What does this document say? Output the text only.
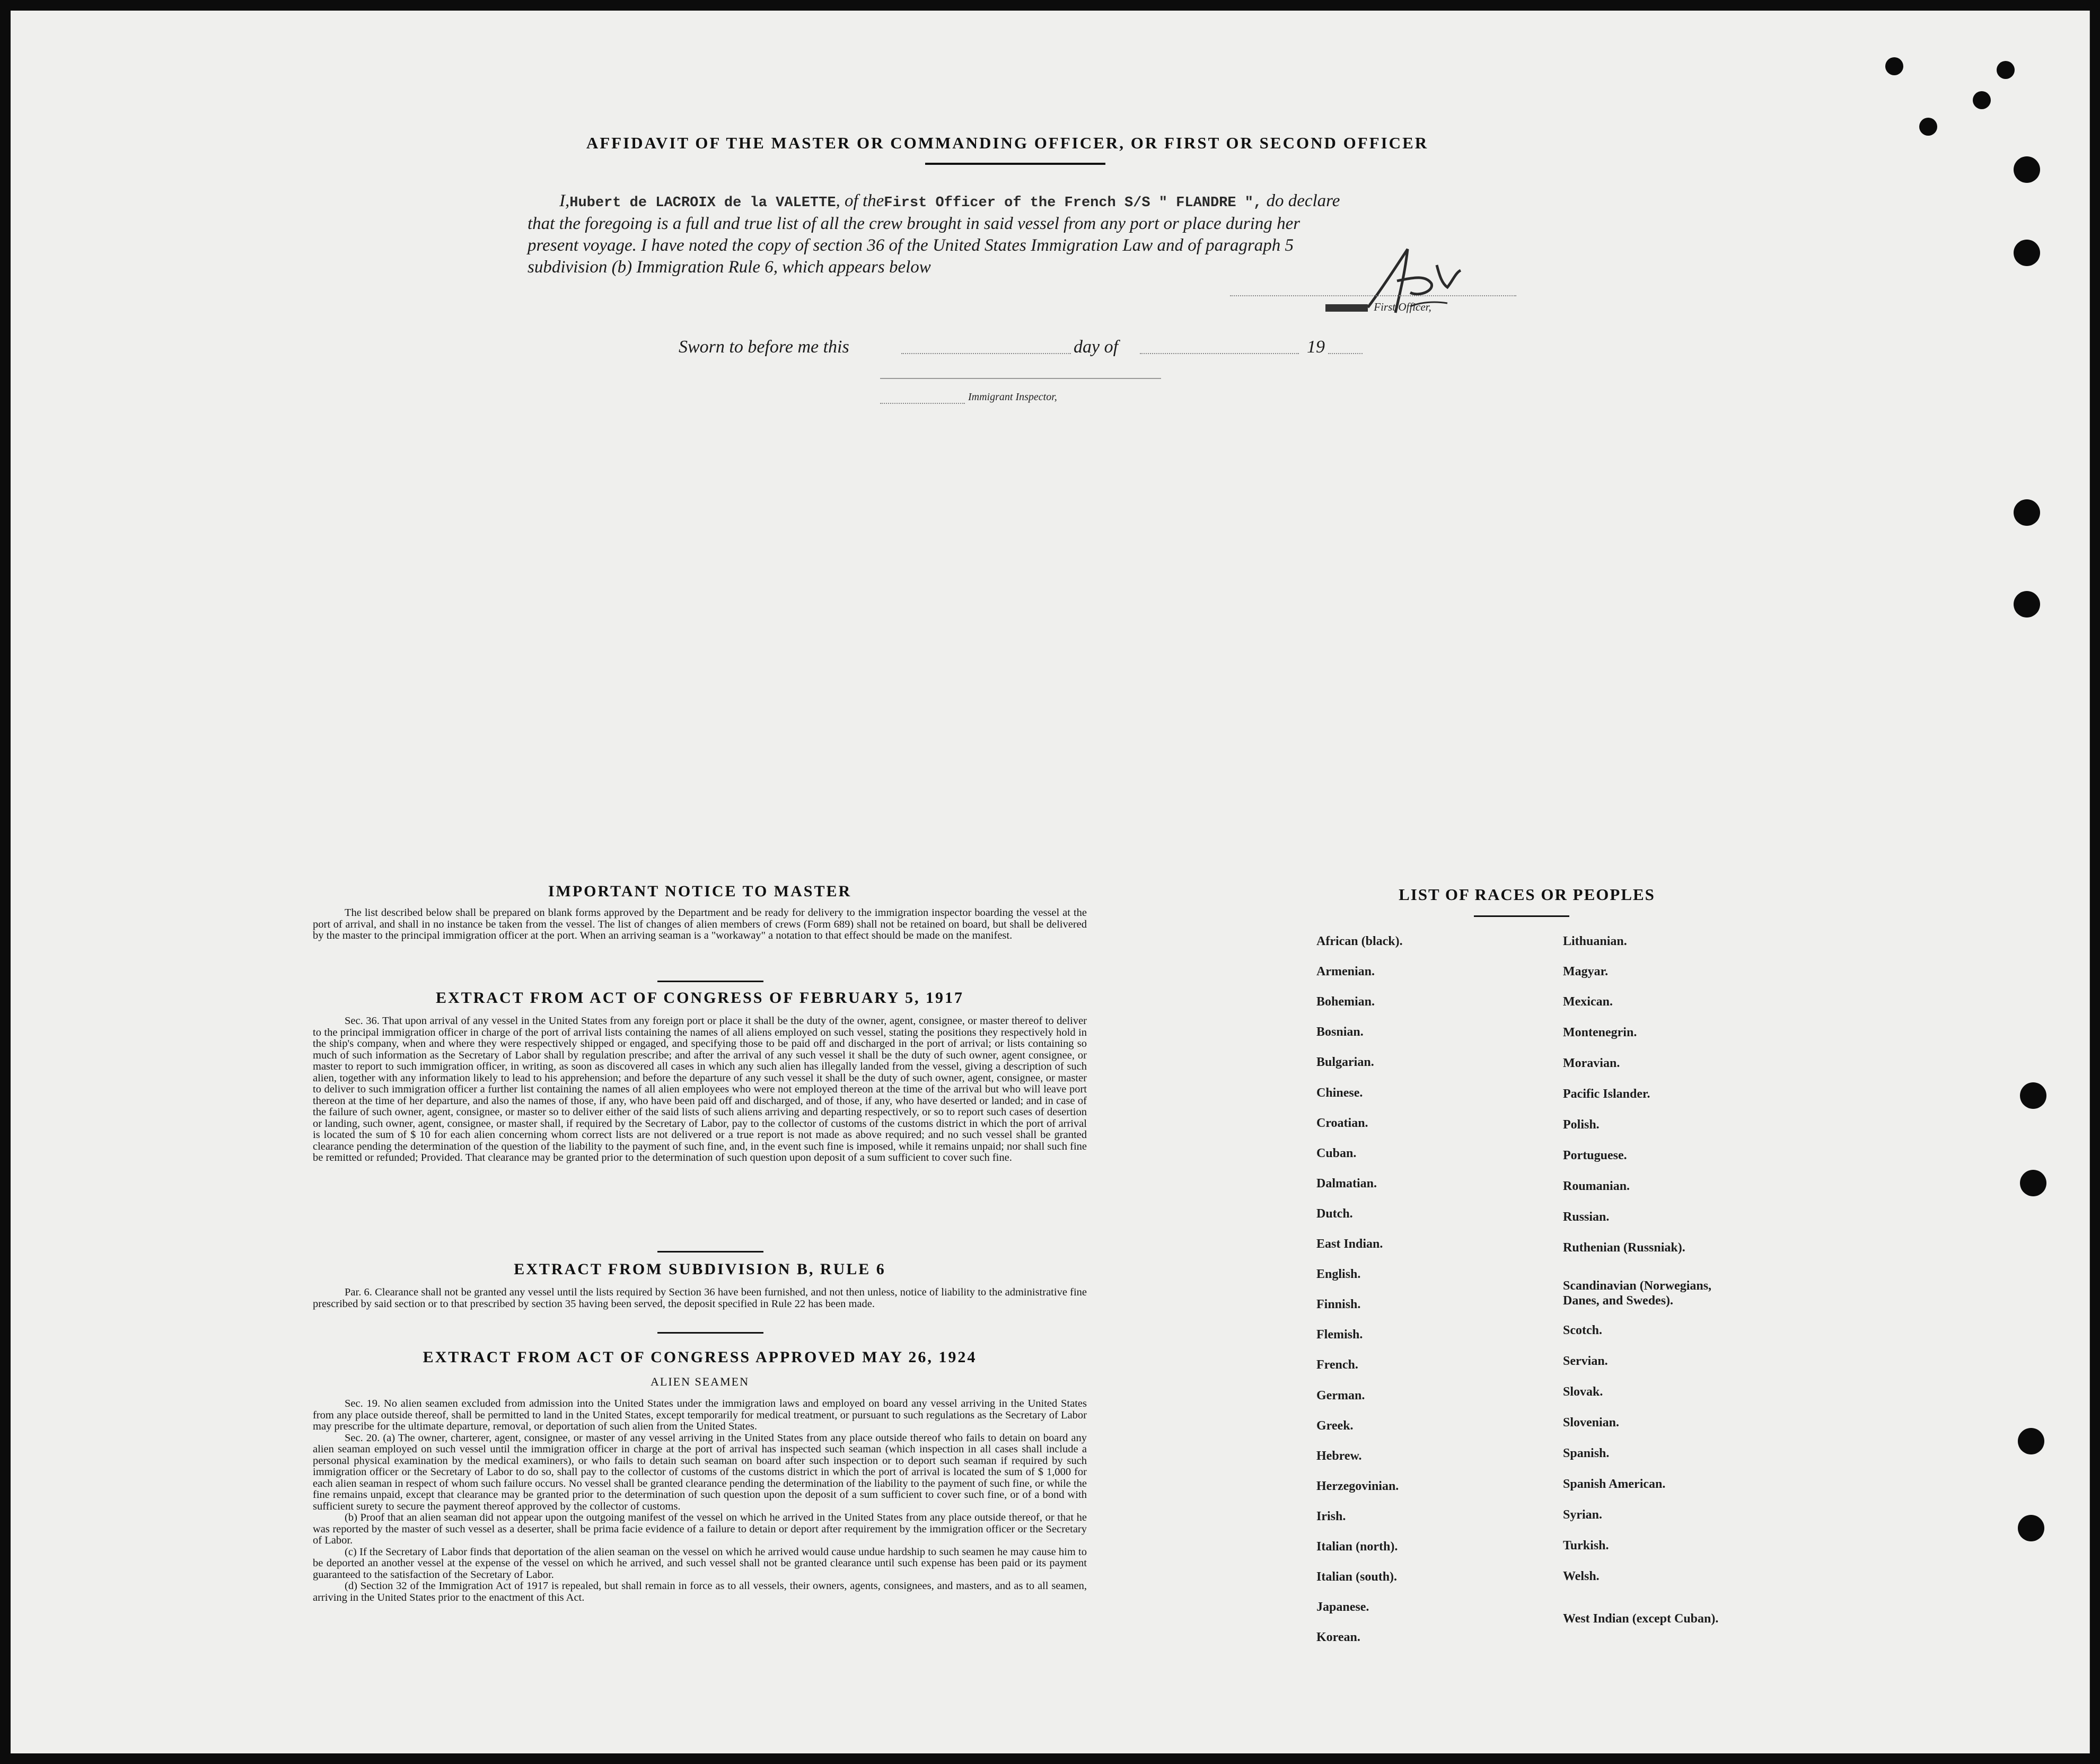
AFFIDAVIT OF THE MASTER OR COMMANDING OFFICER, OR FIRST OR SECOND OFFICER
I,Hubert de LACROIX de la VALETTE, of theFirst Officer of the French S/S " FLANDRE ", do declare
that the foregoing is a full and true list of all the crew brought in said vessel from any port or place during her
present voyage. I have noted the copy of section 36 of the United States Immigration Law and of paragraph 5
subdivision (b) Immigration Rule 6, which appears below
First Officer,
Sworn to before me this	day of	19
Immigrant Inspector,
IMPORTANT NOTICE TO MASTER

The list described below shall be prepared on blank forms approved by the Department and be ready for delivery to the immigration inspector boarding the vessel at the port of arrival, and shall in no instance be taken from the vessel. The list of changes of alien members of crews (Form 689) shall not be retained on board, but shall be delivered by the master to the principal immigration officer at the port. When an arriving seaman is a "workaway" a notation to that effect should be made on the manifest.

EXTRACT FROM ACT OF CONGRESS OF FEBRUARY 5, 1917

Sec. 36. That upon arrival of any vessel in the United States from any foreign port or place it shall be the duty of the owner, agent, consignee, or master thereof to deliver to the principal immigration officer in charge of the port of arrival lists containing the names of all aliens employed on such vessel, stating the positions they respectively hold in the ship's company, when and where they were respectively shipped or engaged, and specifying those to be paid off and discharged in the port of arrival; or lists containing so much of such information as the Secretary of Labor shall by regulation prescribe; and after the arrival of any such vessel it shall be the duty of such owner, agent consignee, or master to report to such immigration officer, in writing, as soon as discovered all cases in which any such alien has illegally landed from the vessel, giving a description of such alien, together with any information likely to lead to his apprehension; and before the departure of any such vessel it shall be the duty of such owner, agent, consignee, or master to deliver to such immigration officer a further list containing the names of all alien employees who were not employed thereon at the time of the arrival but who will leave port thereon at the time of her departure, and also the names of those, if any, who have been paid off and discharged, and of those, if any, who have deserted or landed; and in case of the failure of such owner, agent, consignee, or master so to deliver either of the said lists of such aliens arriving and departing respectively, or so to report such cases of desertion or landing, such owner, agent, consignee, or master shall, if required by the Secretary of Labor, pay to the collector of customs of the customs district in which the port of arrival is located the sum of $ 10 for each alien concerning whom correct lists are not delivered or a true report is not made as above required; and no such vessel shall be granted clearance pending the determination of the question of the liability to the payment of such fine, and, in the event such fine is imposed, while it remains unpaid; nor shall such fine be remitted or refunded; Provided. That clearance may be granted prior to the determination of such question upon deposit of a sum sufficient to cover such fine.

EXTRACT FROM SUBDIVISION B, RULE 6

Par. 6. Clearance shall not be granted any vessel until the lists required by Section 36 have been furnished, and not then unless, notice of liability to the administrative fine prescribed by said section or to that prescribed by section 35 having been served, the deposit specified in Rule 22 has been made.

EXTRACT FROM ACT OF CONGRESS APPROVED MAY 26, 1924
ALIEN SEAMEN

Sec. 19. No alien seamen excluded from admission into the United States under the immigration laws and employed on board any vessel arriving in the United States from any place outside thereof, shall be permitted to land in the United States, except temporarily for medical treatment, or pursuant to such regulations as the Secretary of Labor may prescribe for the ultimate departure, removal, or deportation of such alien from the United States.

Sec. 20. (a) The owner, charterer, agent, consignee, or master of any vessel arriving in the United States from any place outside thereof who fails to detain on board any alien seaman employed on such vessel until the immigration officer in charge at the port of arrival has inspected such seaman (which inspection in all cases shall include a personal physical examination by the medical examiners), or who fails to detain such seaman on board after such inspection or to deport such seaman if required by such immigration officer or the Secretary of Labor to do so, shall pay to the collector of customs of the customs district in which the port of arrival is located the sum of $ 1,000 for each alien seaman in respect of whom such failure occurs. No vessel shall be granted clearance pending the determination of the liability to the payment of such fine, or while the fine remains unpaid, except that clearance may be granted prior to the determination of such question upon the deposit of a sum sufficient to cover such fine, or of a bond with sufficient surety to secure the payment thereof approved by the collector of customs.

(b) Proof that an alien seaman did not appear upon the outgoing manifest of the vessel on which he arrived in the United States from any place outside thereof, or that he was reported by the master of such vessel as a deserter, shall be prima facie evidence of a failure to detain or deport after requirement by the immigration officer or the Secretary of Labor.

(c) If the Secretary of Labor finds that deportation of the alien seaman on the vessel on which he arrived would cause undue hardship to such seamen he may cause him to be deported an another vessel at the expense of the vessel on which he arrived, and such vessel shall not be granted clearance until such expense has been paid or its payment guaranteed to the satisfaction of the Secretary of Labor.

(d) Section 32 of the Immigration Act of 1917 is repealed, but shall remain in force as to all vessels, their owners, agents, consignees, and masters, and as to all seamen, arriving in the United States prior to the enactment of this Act.

LIST OF RACES OR PEOPLES
African (black).
Armenian.
Bohemian.
Bosnian.
Bulgarian.
Chinese.
Croatian.
Cuban.
Dalmatian.
Dutch.
East Indian.
English.
Finnish.
Flemish.
French.
German.
Greek.
Hebrew.
Herzegovinian.
Irish.
Italian (north).
Italian (south).
Japanese.
Korean.
Lithuanian.
Magyar.
Mexican.
Montenegrin.
Moravian.
Pacific Islander.
Polish.
Portuguese.
Roumanian.
Russian.
Ruthenian (Russniak).
Scandinavian (Norwegians, Danes, and Swedes).
Scotch.
Servian.
Slovak.
Slovenian.
Spanish.
Spanish American.
Syrian.
Turkish.
Welsh.
West Indian (except Cuban).
